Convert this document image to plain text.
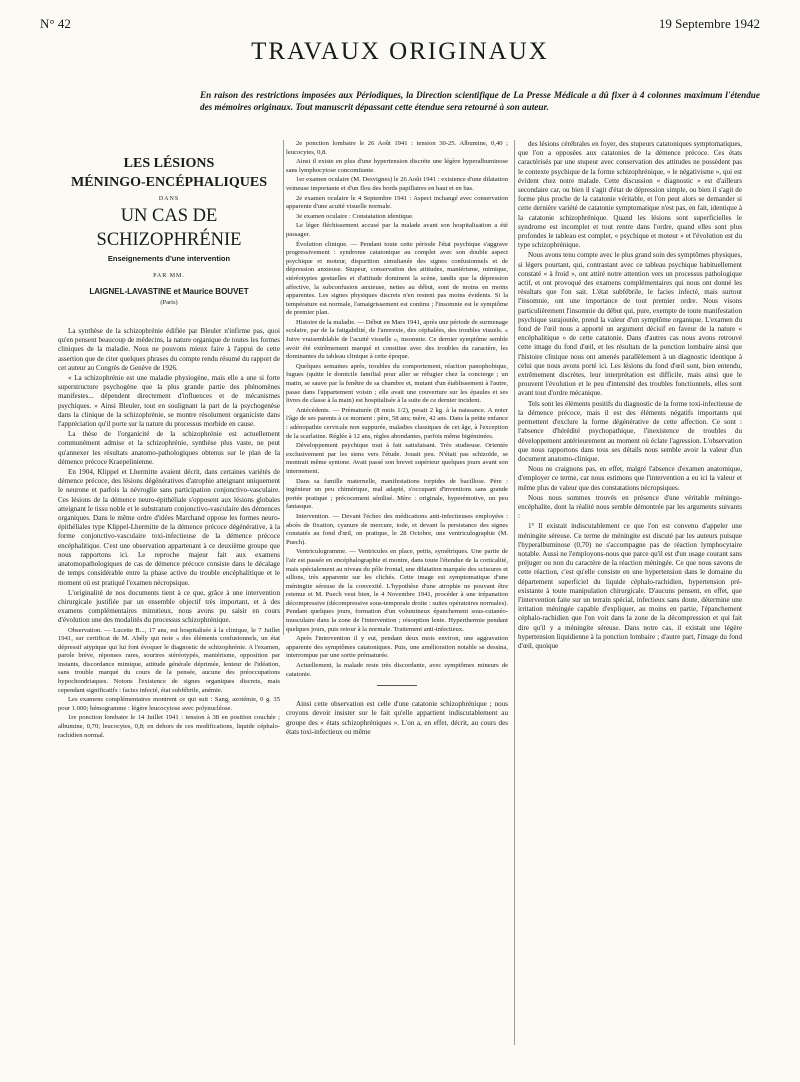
N° 42	19 Septembre 1942
TRAVAUX ORIGINAUX
En raison des restrictions imposées aux Périodiques, la Direction scientifique de La Presse Médicale a dû fixer à 4 colonnes maximum l'étendue des mémoires originaux. Tout manuscrit dépassant cette étendue sera retourné à son auteur.
LES LÉSIONS
MÉNINGO-ENCÉPHALIQUES
DANS
UN CAS DE SCHIZOPHRÉNIE
Enseignements d'une intervention
PAR MM.
LAIGNEL-LAVASTINE et Maurice BOUVET
(Paris)

La synthèse de la schizophrénie édifiée par Bleuler n'infirme pas, quoi qu'en pensent beaucoup de médecins, la nature organique de toutes les formes cliniques de la maladie. Nous ne pouvons mieux faire à l'appui de cette assertion que de citer quelques phrases du compte rendu résumé du rapport de cet auteur au Congrès de Genève de 1926.

« La schizophrénie est une maladie physiogène, mais elle a une si forte superstructure psychogène que la plus grande partie des phénomènes manifestes... dépendent directement d'influences et de mécanismes psychiques. » Ainsi Bleuler, tout en soulignant la part de la psychogenèse dans la clinique de la schizophrénie, se montre résolument organiciste dans l'appréciation qu'il porte sur la nature du processus morbide en cause.

La thèse de l'organicité de la schizophrénie est actuellement communément admise et la schizophrénie, synthèse plus vaste, ne peut qu'annexer les résultats anatomo-pathologiques obtenus sur le plan de la démence précoce Kraepelinienne.

En 1904, Klippel et Lhermitte avaient décrit, dans certaines variétés de démence précoce, des lésions dégénératives d'atrophie atteignant uniquement le neurone et parfois la névroglie sans participation conjonctivo-vasculaire. Ces lésions de la démence neuro-épithéliale s'opposent aux lésions globales atteignant le tissu noble et le substratum conjonctivo-vasculaire des démences organiques. Dans le même ordre d'idées Marchand oppose les formes neuro-épithéliales type Klippel-Lhermitte de la démence précoce dégénérative, à la forme conjonctivo-vasculaire toxi-infectieuse de la démence précoce encéphalitique. C'est une observation appartenant à ce deuxième groupe que nous rapportons ici. Le reproche majeur fait aux examens anatomopathologiques de cas de démence précoce consiste dans le décalage de temps considérable entre la phase active du trouble encéphalitique et le moment où est pratiqué l'examen nécropsique.

L'originalité de nos documents tient à ce que, grâce à une intervention chirurgicale justifiée par un ensemble objectif très important, et à des examens complémentaires minutieux, nous avons pu saisir en cours d'évolution une des modalités du processus schizophrénique.

Observation. — Lucette B..., 17 ans, est hospitalisée à la clinique, le 7 Juillet 1941, sur certificat de M. Abély qui note « des éléments confusionnels, un état dépressif atypique qui lui font évoquer le diagnostic de schizophrénie. A l'examen, parole brève, réponses rares, sourires stéréotypés, maniérisme, opposition par instants, discordance mimique, attitude générale déprimée, lenteur de l'idéation, sans trouble marqué du cours de la pensée, aucune des préoccupations hypochondriaques. Notons l'existence de signes organiques discrets, mais cependant significatifs : facies infecté, état subfébrile, anémie.

Les examens complémentaires montrent ce qui suit : Sang, azotémie, 0 g. 35 pour 1.000; hémogramme : légère leucocytose avec polynucléose.

1re ponction lombaire le 14 Juillet 1941 : tension à 38 en position couchée ; albumine, 0,70; leucocytes, 0,8; en dehors de ces modifications, liquide céphalo-rachidien normal.

2e ponction lombaire le 26 Août 1941 : tension 30-25. Albumine, 0,40 ; leucocytes, 0,8.

Ainsi il existe en plus d'une hypertension discrète une légère hyperalbuminose sans lymphocytose concomitante.

1er examen oculaire (M. Desvignes) le 26 Août 1941 : existence d'une dilatation veineuse importante et d'un flou des bords papillaires en haut et en bas.

2e examen oculaire le 4 Septembre 1941 : Aspect inchangé avec conservation apparente d'une acuité visuelle normale.

3e examen oculaire : Constatation identique.

Le léger fléchissement accusé par la malade avant son hospitalisation a été passager.

Évolution clinique. — Pendant toute cette période l'état psychique s'aggrave progressivement : syndrome catatonique au complet avec son double aspect psychique et moteur, disparition simultanée des signes confusionnels et de dépression anxieuse. Stupeur, conservation des attitudes, maniérisme, mimique, stéréotypies gestuelles et d'attitude dominent la scène, tandis que la dépression affective, la subconfusion anxieuse, nettes au début, sont de moins en moins apparentes. Les signes physiques discrets n'en restent pas moins évidents. Si la température est normale, l'amaigrissement est continu ; l'insomnie est le symptôme de premier plan.

Histoire de la maladie. — Début en Mars 1941, après une période de surmenage scolaire, par de la fatigabilité, de l'anorexie, des céphalées, des troubles visuels. « Juive vraisemblable de l'acuité visuelle », insomnie. Ce dernier symptôme semble avoir été extrêmement marqué et constitue avec des troubles du caractère, les dominantes du tableau clinique à cette époque.

Quelques semaines après, troubles du comportement, réaction panophobique, fugues (quitte le domicile familial pour aller se réfugier chez la concierge ; un matin, se sauve par la fenêtre de sa chambre et, mutant d'un établissement à l'autre, passe dans l'appartement voisin ; elle avait une couverture sur les épaules et ses livres de classe à la main) est hospitalisée à la suite de ce dernier incident.

Antécédents. — Prématurée (8 mois 1/2), pesait 2 kg. à la naissance. A noter l'âge de ses parents à ce moment : père, 58 ans; mère, 42 ans. Dans la petite enfance : adénopathie cervicale non suppurée, maladies classiques de cet âge, à l'exception de la scarlatine. Réglée à 12 ans, règles abondantes, parfois même bigéminées.

Développement psychique tout à fait satisfaisant. Très studieuse. Orientée exclusivement par les siens vers l'étude. Jouait peu. N'était pas schizoïde, se montrait même syntone. Avait passé son brevet supérieur quelques jours avant son internement.

Dans sa famille maternelle, manifestations torpides de bacillose. Père : ingénieur un peu chimérique, mal adapté, s'occupant d'inventions sans grande portée pratique ; précocement sénilisé. Mère : originale, hyperémotive, un peu fantasque.

Intervention. — Devant l'échec des médications anti-infectieuses employées : abcès de fixation, cyanure de mercure, iode, et devant la persistance des signes constatés au fond d'œil, on pratique, le 28 Octobre, une ventriculographie (M. Puech).

Ventriculogramme. — Ventricules en place, petits, symétriques. Une partie de l'air est passée en encéphalographie et montre, dans toute l'étendue de la corticalité, mais spécialement au niveau du pôle frontal, une dilatation marquée des scissures et sillons, très apparente sur les clichés. Cette image est symptomatique d'une méningite séreuse de la convexité. L'hypothèse d'une atrophie ne pouvant être retenue et M. Puech veut bien, le 4 Novembre 1941, procéder à une trépanation décompressive (décompressive sous-temporale droite : suites opératoires normales). Pendant quelques jours, formation d'un volumineux épanchement sous-cutanéo-musculaire dans la zone de l'intervention ; résorption lente. Hyperthermie pendant quelques jours, puis retour à la normale. Traitement anti-infectieux.

Après l'intervention il y eut, pendant deux mois environ, une aggravation apparente des symptômes catatoniques. Puis, une amélioration notable se dessina, interrompue par une sortie prématurée.

Actuellement, la malade reste très discordante, avec symptômes mineurs de catatonie.

Ainsi cette observation est celle d'une catatonie schizophrénique ; nous croyons devoir insister sur le fait qu'elle appartient indiscutablement au groupe des « états schizophréniques ». L'on a, en effet, décrit, au cours des états toxi-infectieux ou même

des lésions cérébrales en foyer, des stupeurs catatoniques symptomatiques, que l'on a opposées aux catatonies de la démence précoce. Ces états caractérisés par une stupeur avec conservation des attitudes ne possèdent pas le contexte psychique de la forme schizophrénique, « le négativisme », qui est évident chez notre malade. Cette discussion « diagnostic » est d'ailleurs secondaire car, ou bien il s'agit d'état de dépression simple, ou bien il s'agit de forme plus proche de la catatonie véritable, et l'on peut alors se demander si cette dernière variété de catatonie symptomatique n'est pas, en fait, identique à la catatonie schizophrénique. Quand les lésions sont superficielles le syndrome est incomplet et tout rentre dans l'ordre, quand elles sont plus profondes le tableau est complet, « psychique et moteur » et l'évolution est du type schizophrénique.

Nous avons tenu compte avec le plus grand soin des symptômes physiques, si légers pourtant, qui, contrastant avec ce tableau psychique habituellement constaté « à froid », ont attiré notre attention vers un processus pathologique actif, et ont provoqué des examens complémentaires qui nous ont donné les résultats que l'on sait. L'état subfébrile, le facies infecté, mais surtout l'insomnie, ont une importance de tout premier ordre. Nous visons particulièrement l'insomnie du début qui, pure, exempte de toute manifestation psychique surajoutée, prend la valeur d'un symptôme organique. L'examen du fond de l'œil nous a apporté un argument décisif en faveur de la nature « encéphalitique » de cette catatonie. Dans d'autres cas nous avons retrouvé cette image du fond d'œil, et les résultats de la ponction lombaire ainsi que l'histoire clinique nous ont amenés parallèlement à un diagnostic identique à celui que nous avons porté ici. Les lésions du fond d'œil sont, bien entendu, extrêmement discrètes, leur interprétation est difficile, mais ainsi que le prouvent l'évolution et le peu d'intensité des troubles fonctionnels, elles sont avant tout d'ordre mécanique.

Tels sont les éléments positifs du diagnostic de la forme toxi-infectieuse de la démence précoce, mais il est des éléments négatifs importants qui permettent d'exclure la forme dégénérative de cette affection. Ce sont : l'absence d'hérédité psychopathique, l'inexistence de troubles du développement antérieurement au moment où éclate l'agression. L'observation que nous rapportons dans tous ses détails nous semble avoir la valeur d'un document anatomo-clinique.

Nous ne craignons pas, en effet, malgré l'absence d'examen anatomique, d'employer ce terme, car nous estimons que l'intervention a eu ici la valeur et même plus de valeur que des constatations nécropsiques.

Nous nous sommes trouvés en présence d'une véritable méningo-encéphalite, dont la réalité nous semble démontrée par les arguments suivants :

1° Il existait indiscutablement ce que l'on est convenu d'appeler une méningite séreuse. Ce terme de méningite est discuté par les auteurs puisque l'hyperalbuminose (0,70) ne s'accompagne pas de réaction lymphocytaire notable. Aussi ne l'employons-nous que parce qu'il est d'un usage courant sans préjuger ou non du caractère de la réaction méningée. Ce que nous savons de cette réaction, c'est qu'elle consiste en une hypertension dans le domaine du département superficiel du liquide céphalo-rachidien, hypertension pré-existante à toute manipulation chirurgicale. D'aucuns pensent, en effet, que l'intervention faite sur un terrain spécial, infectieux sans doute, détermine une irritation méningée capable d'expliquer, au moins en partie, l'épanchement céphalo-rachidien que l'on voit dans la zone de la décompression et qui fait dire qu'il y a méningite séreuse. Dans notre cas, il existait une légère hypertension liquidienne à la ponction lombaire ; d'autre part, l'image du fond d'œil, quoique
